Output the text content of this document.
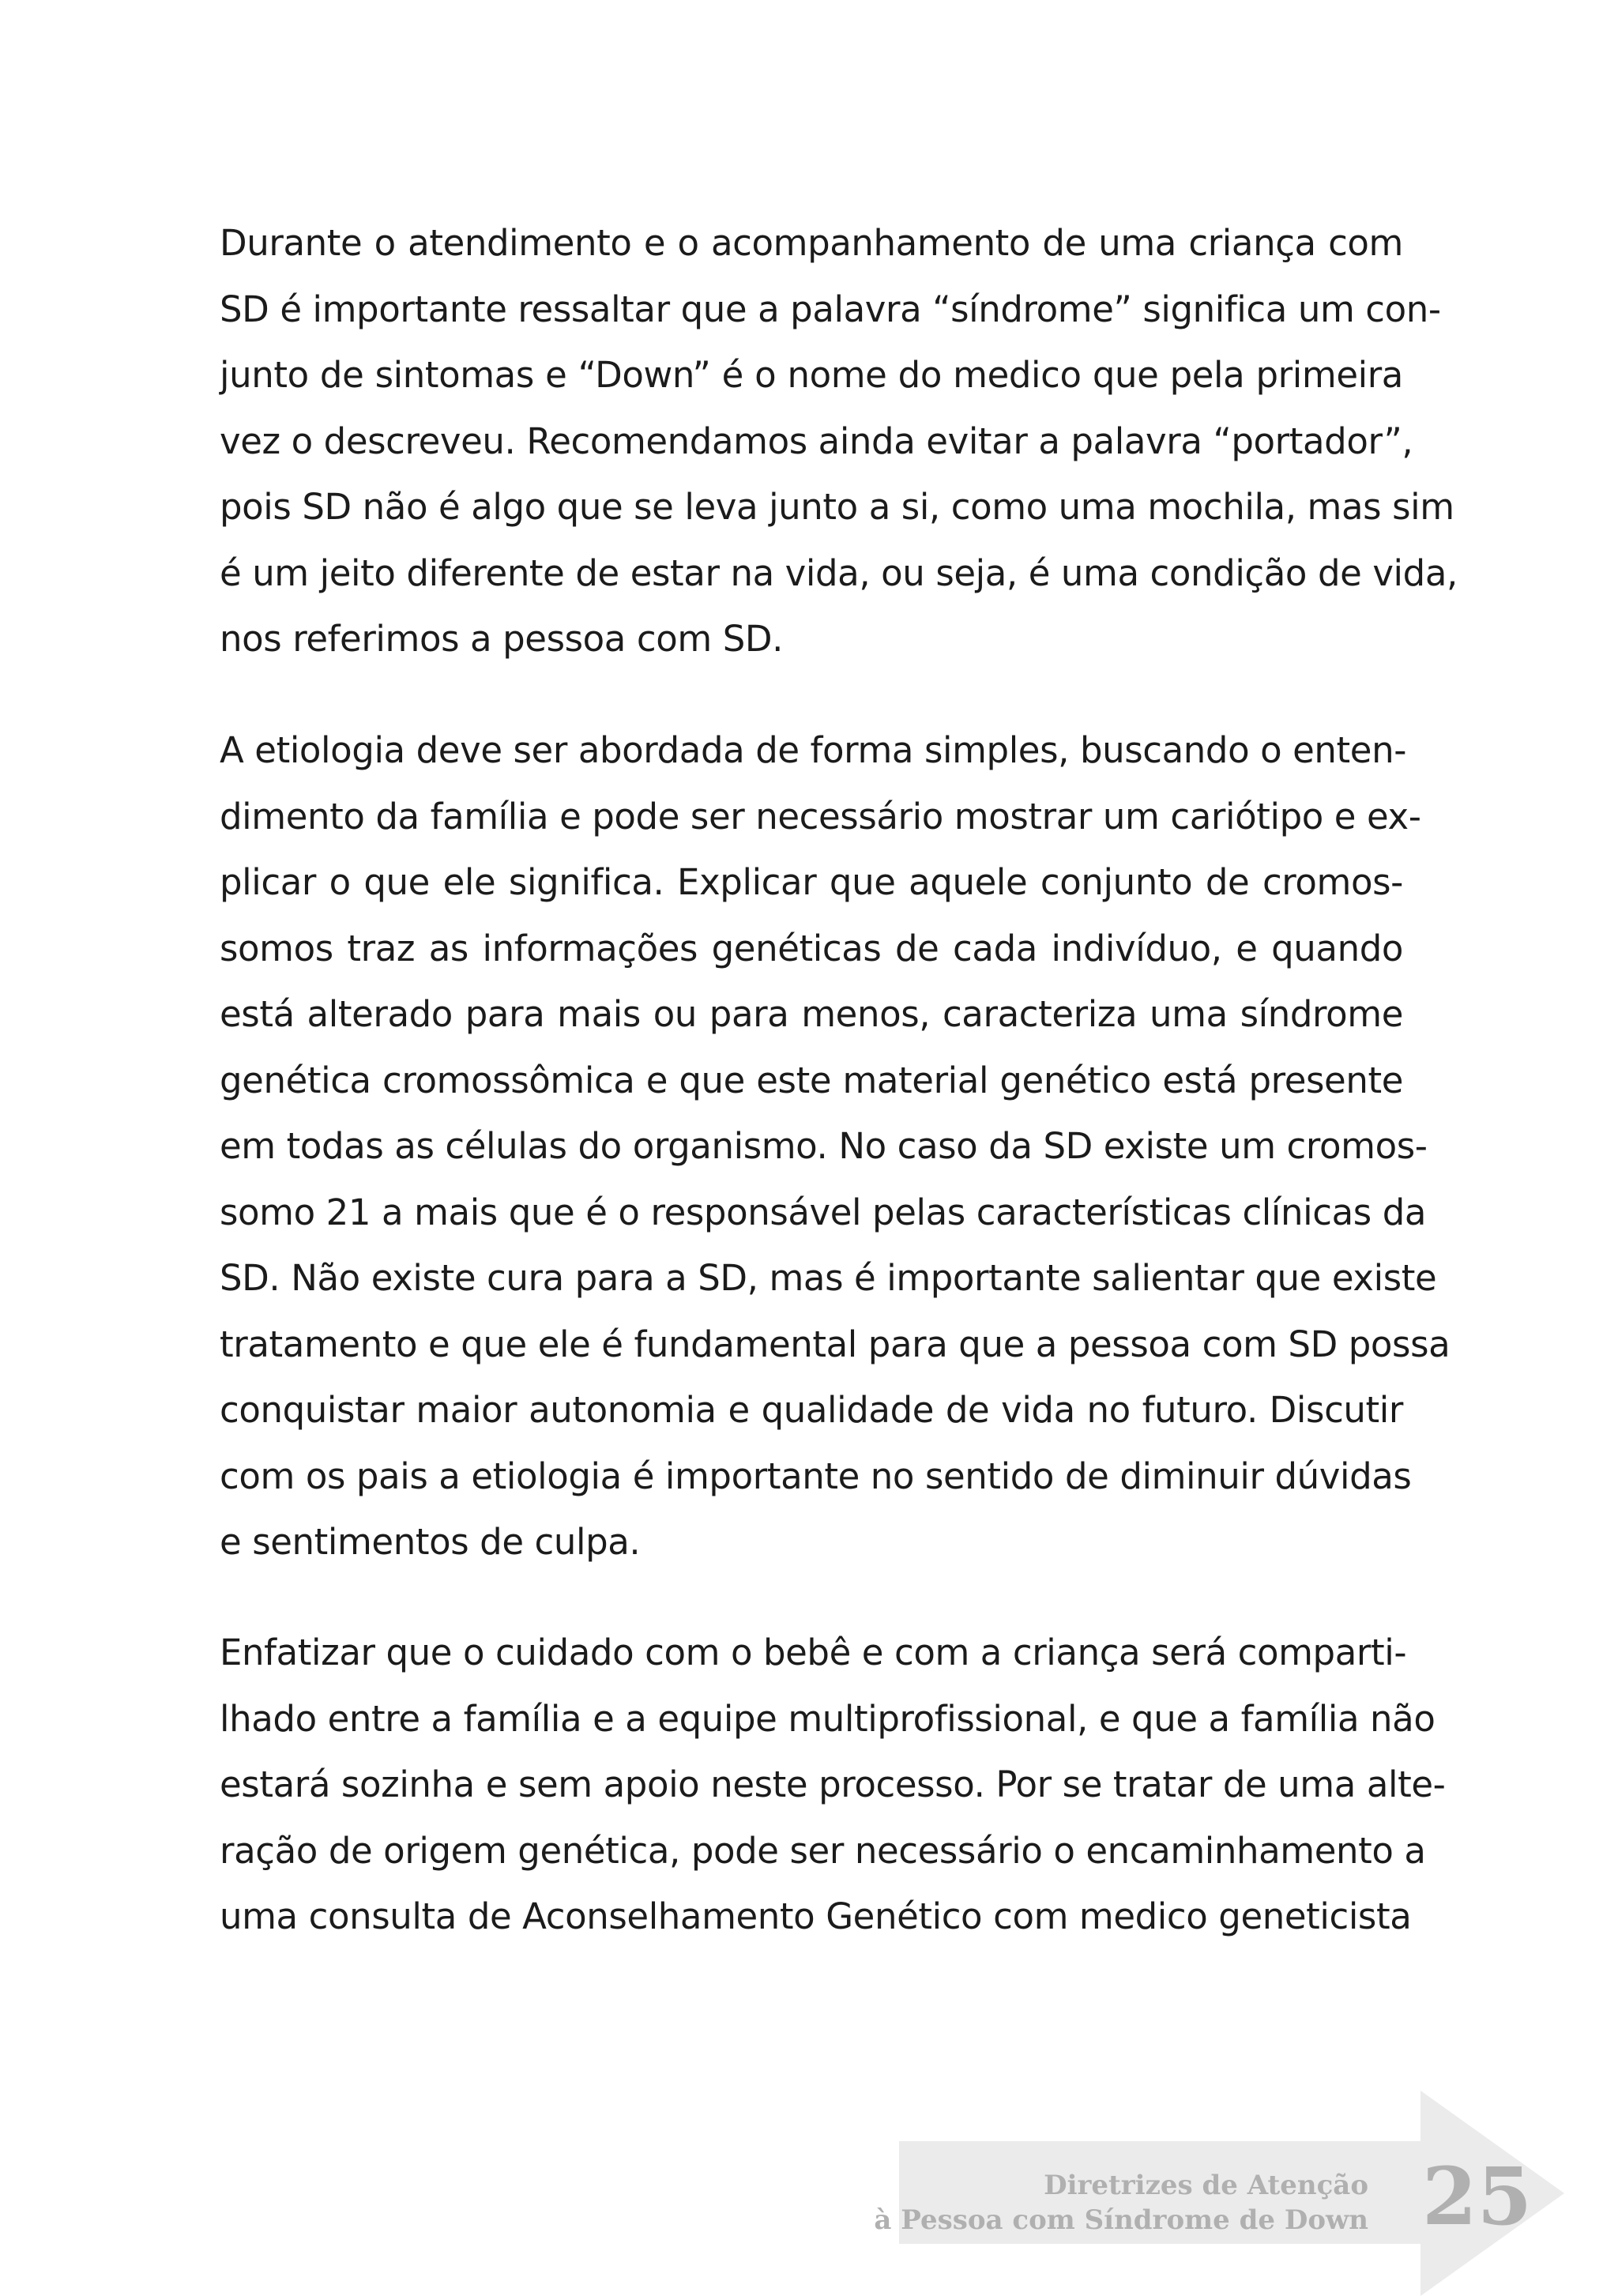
Durante o atendimento e o acompanhamento de uma criança com
SD é importante ressaltar que a palavra “síndrome” significa um con-
junto de sintomas e “Down” é o nome do medico que pela primeira
vez o descreveu. Recomendamos ainda evitar a palavra “portador”,
pois SD não é algo que se leva junto a si, como uma mochila, mas sim
é um jeito diferente de estar na vida, ou seja, é uma condição de vida,
nos referimos a pessoa com SD.
A etiologia deve ser abordada de forma simples, buscando o enten-
dimento da família e pode ser necessário mostrar um cariótipo e ex-
plicar o que ele significa. Explicar que aquele conjunto de cromos-
somos traz as informações genéticas de cada indivíduo, e quando
está alterado para mais ou para menos, caracteriza uma síndrome
genética cromossômica e que este material genético está presente
em todas as células do organismo. No caso da SD existe um cromos-
somo 21 a mais que é o responsável pelas características clínicas da
SD. Não existe cura para a SD, mas é importante salientar que existe
tratamento e que ele é fundamental para que a pessoa com SD possa
conquistar maior autonomia e qualidade de vida no futuro. Discutir
com os pais a etiologia é importante no sentido de diminuir dúvidas
e sentimentos de culpa.
Enfatizar que o cuidado com o bebê e com a criança será comparti-
lhado entre a família e a equipe multiprofissional, e que a família não
estará sozinha e sem apoio neste processo. Por se tratar de uma alte-
ração de origem genética, pode ser necessário o encaminhamento a
uma consulta de Aconselhamento Genético com medico geneticista
Diretrizes de Atenção
à Pessoa com Síndrome de Down 25
